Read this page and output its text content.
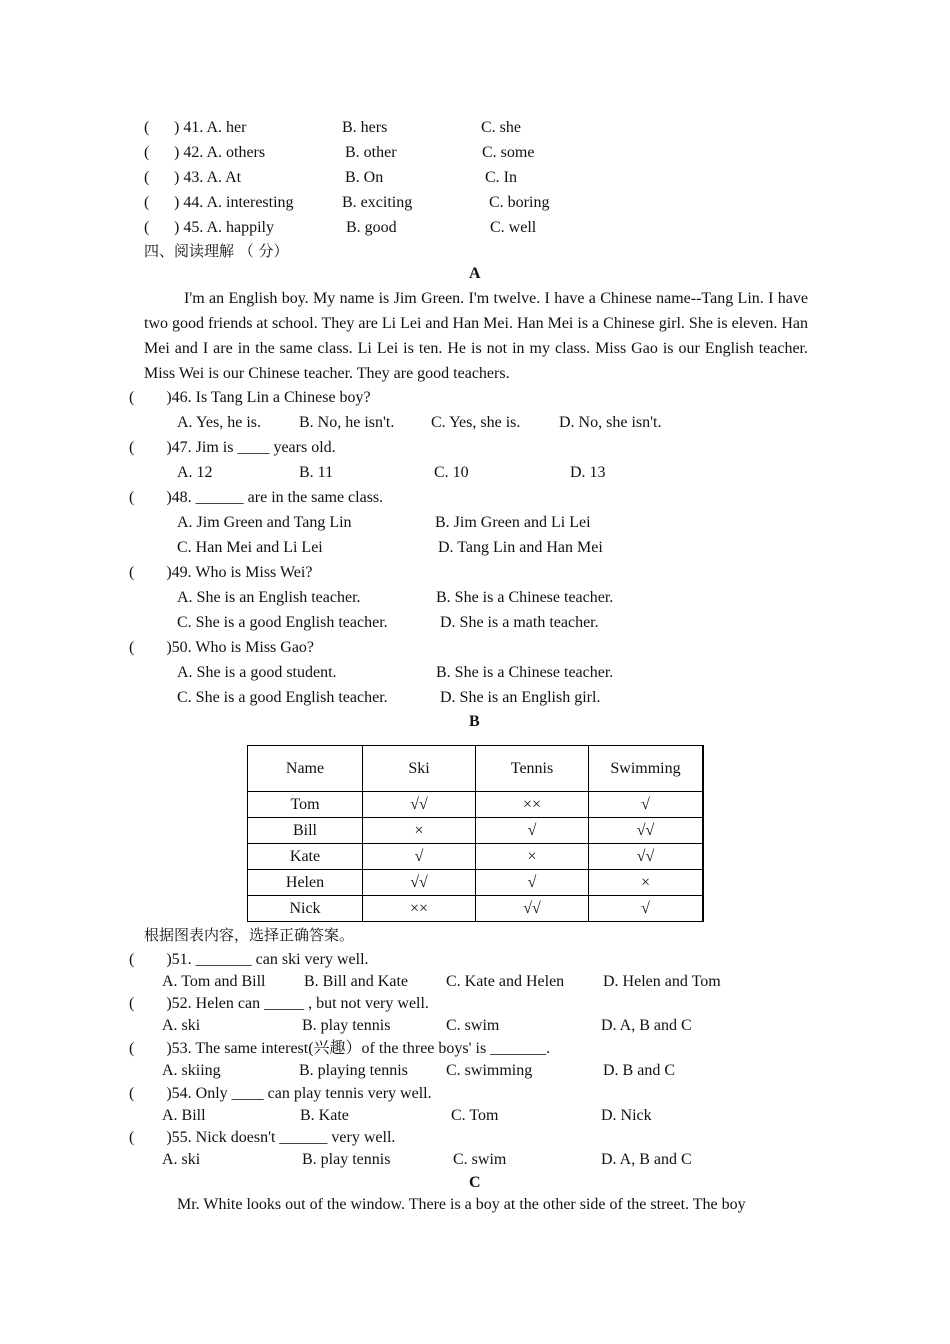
( ) 41. A. her	B. hers	C. she
( ) 42. A. others	B. other	C. some
( ) 43. A. At	B. On	C. In
( ) 44. A. interesting	B. exciting	C. boring
( ) 45. A. happily	B. good	C. well
四、阅读理解 （ 分）
A

I'm an English boy. My name is Jim Green. I'm twelve. I have a Chinese name--Tang Lin. I have two good friends at school. They are Li Lei and Han Mei. Han Mei is a Chinese girl. She is eleven. Han Mei and I are in the same class. Li Lei is ten. He is not in my class. Miss Gao is our English teacher. Miss Wei is our Chinese teacher. They are good teachers.

(　　)46. Is Tang Lin a Chinese boy?
A. Yes, he is. B. No, he isn't. C. Yes, she is. D. No, she isn't.
(　　)47. Jim is ____ years old.
A. 12	B. 11	C. 10	D. 13
(　　)48. ______ are in the same class.
A. Jim Green and Tang Lin	B. Jim Green and Li Lei
C. Han Mei and Li Lei	D. Tang Lin and Han Mei
(　　)49. Who is Miss Wei?
A. She is an English teacher.	B. She is a Chinese teacher.
C. She is a good English teacher.	D. She is a math teacher.
(　　)50. Who is Miss Gao?
A. She is a good student.	B. She is a Chinese teacher.
C. She is a good English teacher.	D. She is an English girl.
B
Name	Ski	Tennis	Swimming
Tom	√√	××	√
Bill	×	√	√√
Kate	√	×	√√
Helen	√√	√	×
Nick	××	√√	√
根据图表内容，选择正确答案。
(　　)51. _______ can ski very well.
A. Tom and Bill B. Bill and Kate C. Kate and Helen D. Helen and Tom
(　　)52. Helen can _____ , but not very well.
A. ski	B. play tennis	C. swim	D. A, B and C
(　　)53. The same interest(兴趣）of the three boys' is _______.
A. skiing	B. playing tennis C. swimming	D. B and C
(　　)54. Only ____ can play tennis very well.
A. Bill	B. Kate	C. Tom	D. Nick
(　　)55. Nick doesn't ______ very well.
A. ski	B. play tennis	C. swim	D. A, B and C
C
Mr. White looks out of the window. There is a boy at the other side of the street. The boy
